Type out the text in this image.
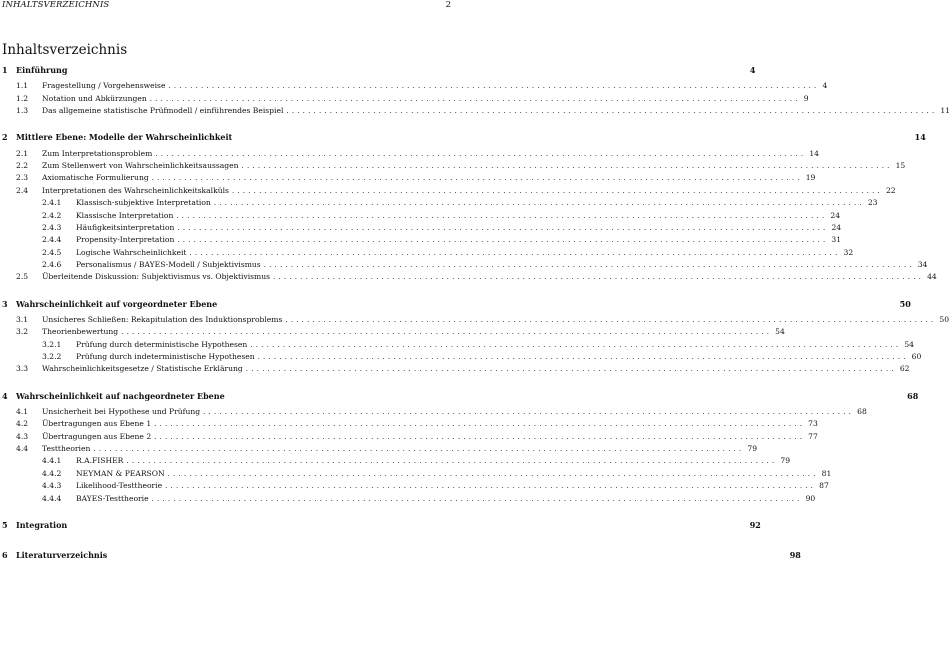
INHALTSVERZEICHNIS	2
Inhaltsverzeichnis
1	Einführung	4
1.1	Fragestellung / Vorgehensweise ........................................................................................................................ 4
1.2	Notation und Abkürzungen ........................................................................................................................ 9
1.3	Das allgemeine statistische Prüfmodell / einführendes Beispiel ........................................................................................................................ 11
2	Mittlere Ebene: Modelle der Wahrscheinlichkeit	14
2.1	Zum Interpretationsproblem ........................................................................................................................ 14
2.2	Zum Stellenwert von Wahrscheinlichkeitsaussagen ........................................................................................................................ 15
2.3	Axiomatische Formulierung ........................................................................................................................ 19
2.4	Interpretationen des Wahrscheinlichkeitskalküls ........................................................................................................................ 22
2.4.1	Klassisch-subjektive Interpretation ........................................................................................................................ 23
2.4.2	Klassische Interpretation ........................................................................................................................ 24
2.4.3	Häufigkeitsinterpretation ........................................................................................................................ 24
2.4.4	Propensity-Interpretation ........................................................................................................................ 31
2.4.5	Logische Wahrscheinlichkeit ........................................................................................................................ 32
2.4.6	Personalismus / BAYES-Modell / Subjektivismus ........................................................................................................................ 34
2.5	Überleitende Diskussion: Subjektivismus vs. Objektivismus ........................................................................................................................ 44
3	Wahrscheinlichkeit auf vorgeordneter Ebene	50
3.1	Unsicheres Schließen: Rekapitulation des Induktionsproblems ........................................................................................................................ 50
3.2	Theorienbewertung ........................................................................................................................ 54
3.2.1	Prüfung durch deterministische Hypothesen ........................................................................................................................ 54
3.2.2	Prüfung durch indeterministische Hypothesen ........................................................................................................................ 60
3.3	Wahrscheinlichkeitsgesetze / Statistische Erklärung ........................................................................................................................ 62
4	Wahrscheinlichkeit auf nachgeordneter Ebene	68
4.1	Unsicherheit bei Hypothese und Prüfung ........................................................................................................................ 68
4.2	Übertragungen aus Ebene 1 ........................................................................................................................ 73
4.3	Übertragungen aus Ebene 2 ........................................................................................................................ 77
4.4	Testtheorien ........................................................................................................................ 79
4.4.1	R.A.FISHER ........................................................................................................................ 79
4.4.2	NEYMAN & PEARSON ........................................................................................................................ 81
4.4.3	Likelihood-Testtheorie ........................................................................................................................ 87
4.4.4	BAYES-Testtheorie ........................................................................................................................ 90
5	Integration	92
6	Literaturverzeichnis	98
